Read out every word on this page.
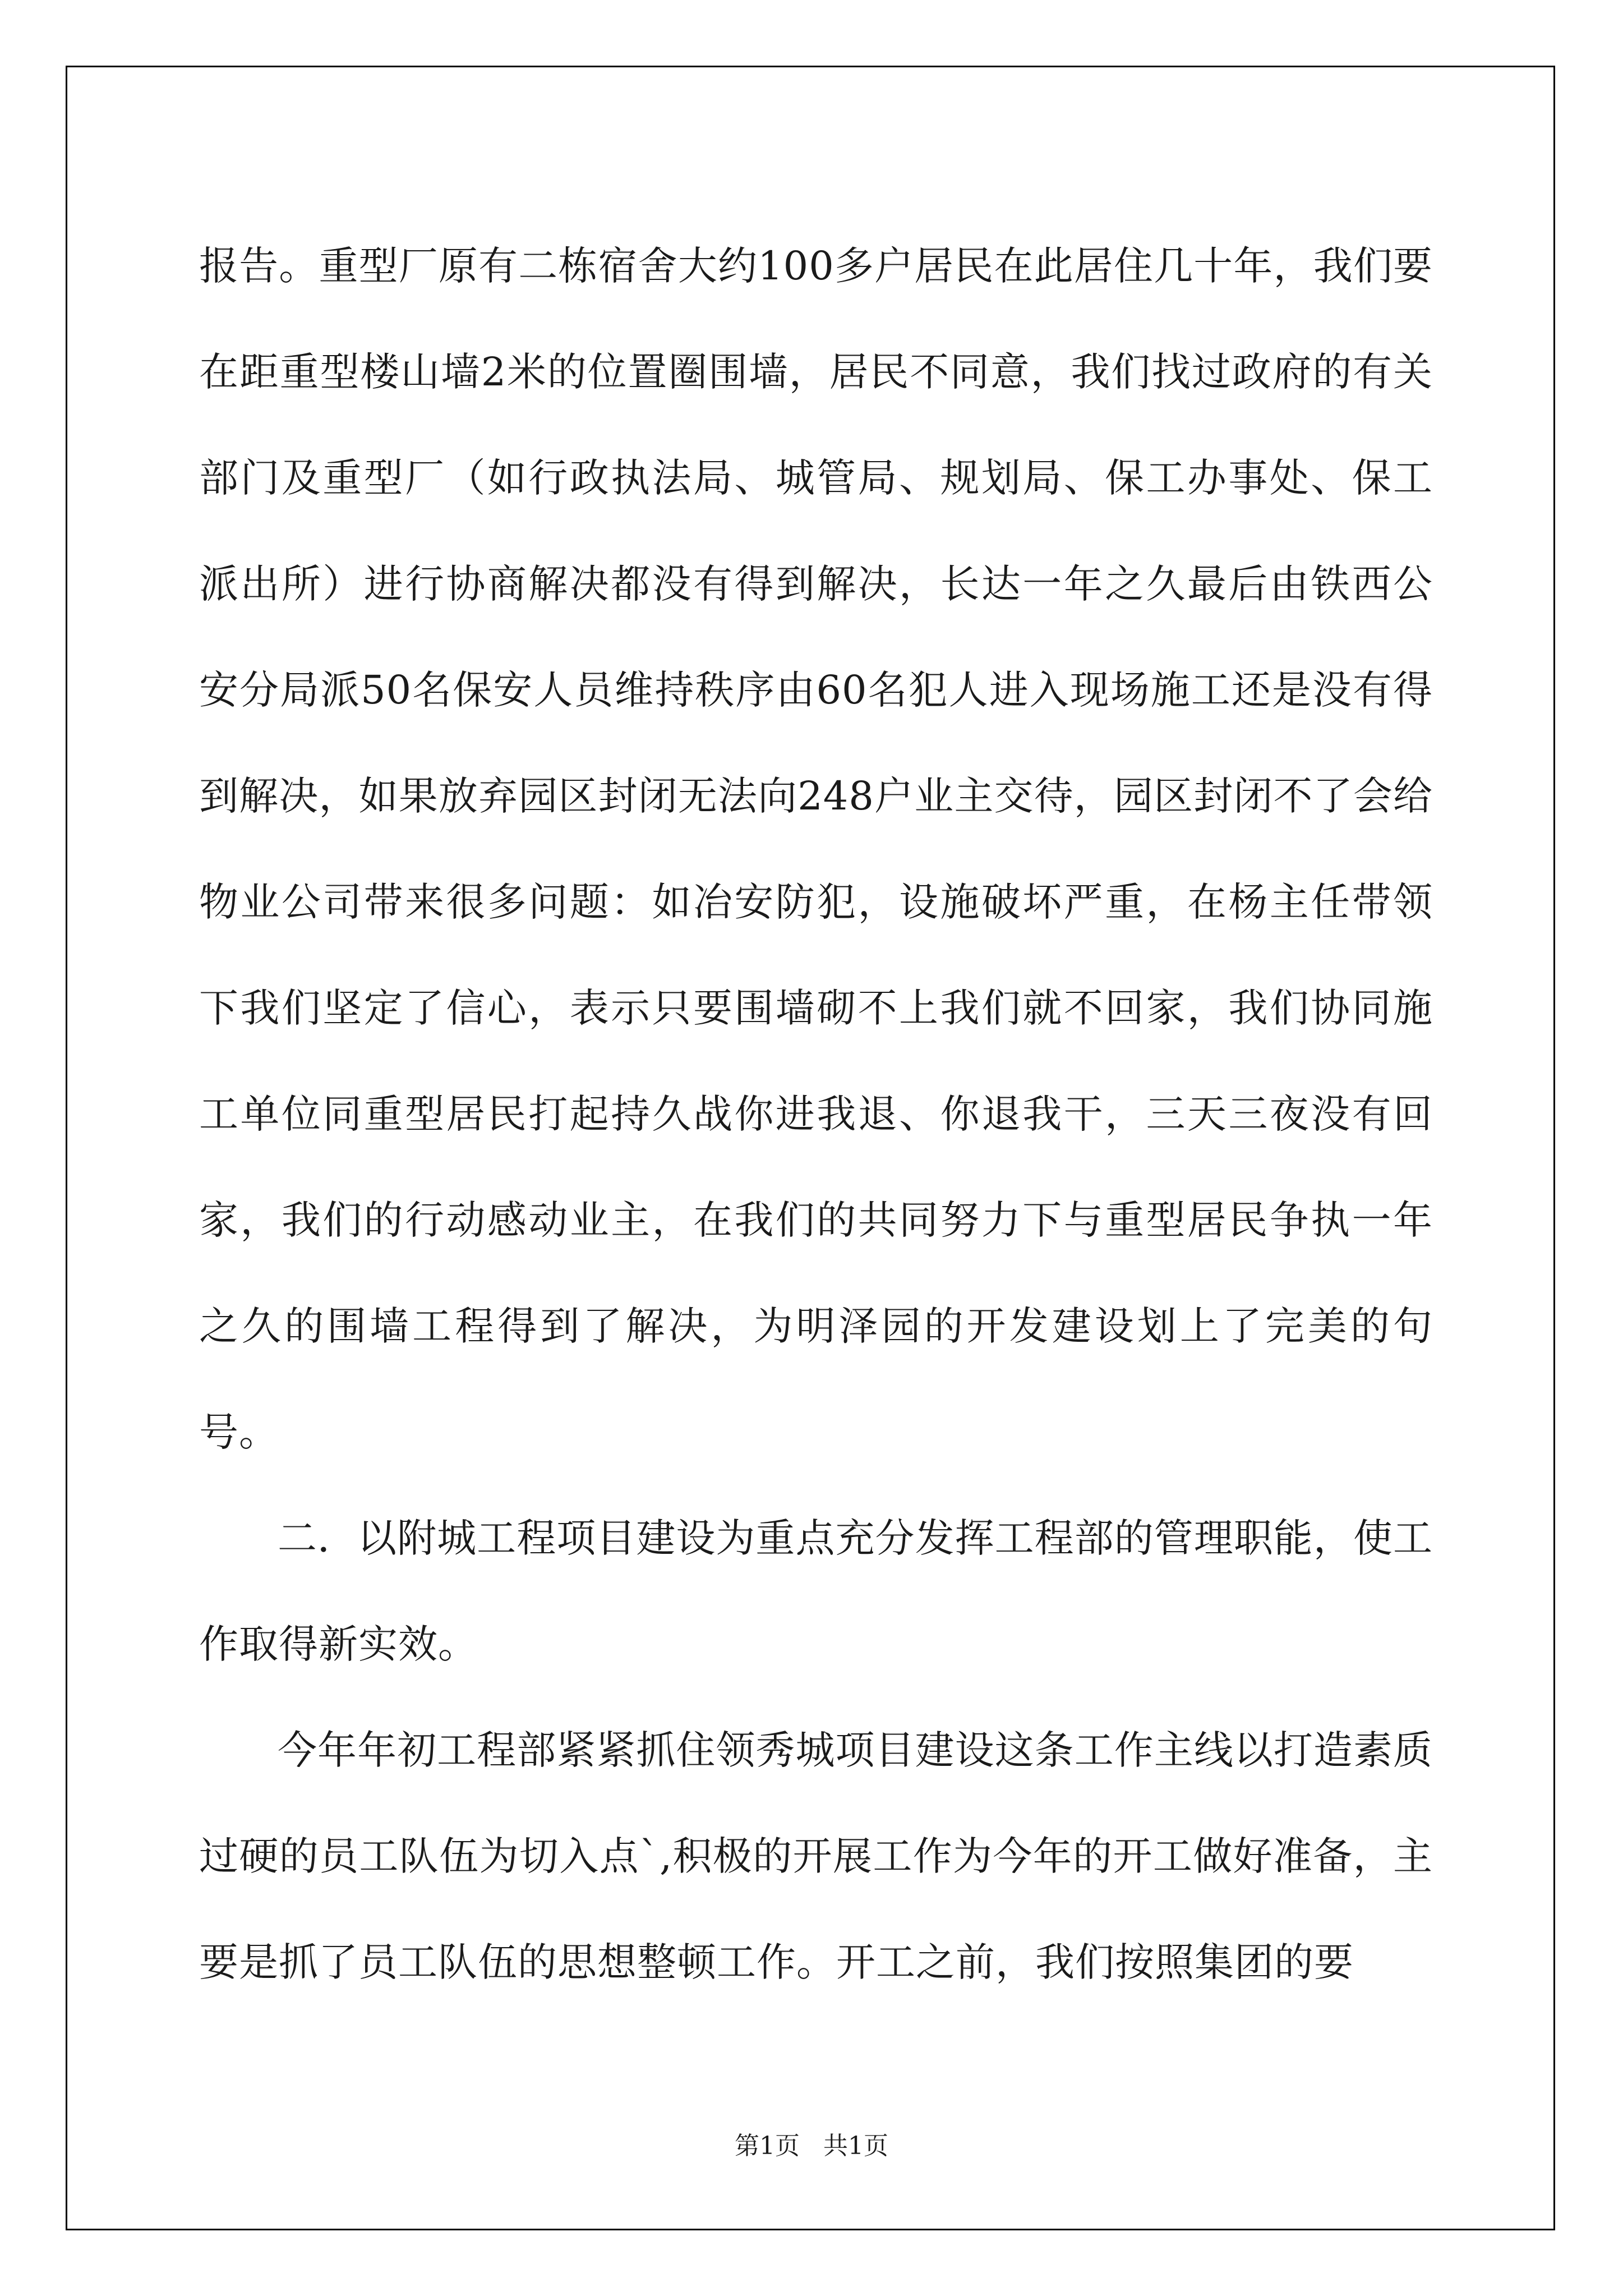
报告。重型厂原有二栋宿舍大约100多户居民在此居住几十年，我们要在距重型楼山墙2米的位置圈围墙，居民不同意，我们找过政府的有关部门及重型厂（如行政执法局、城管局、规划局、保工办事处、保工派出所）进行协商解决都没有得到解决，长达一年之久最后由铁西公安分局派50名保安人员维持秩序由60名犯人进入现场施工还是没有得到解决，如果放弃园区封闭无法向248户业主交待，园区封闭不了会给物业公司带来很多问题：如冶安防犯，设施破坏严重，在杨主任带领下我们坚定了信心，表示只要围墙砌不上我们就不回家，我们协同施工单位同重型居民打起持久战你进我退、你退我干，三天三夜没有回家，我们的行动感动业主，在我们的共同努力下与重型居民争执一年之久的围墙工程得到了解决，为明泽园的开发建设划上了完美的句号。

二．以附城工程项目建设为重点充分发挥工程部的管理职能，使工作取得新实效。

今年年初工程部紧紧抓住领秀城项目建设这条工作主线以打造素质过硬的员工队伍为切入点`,积极的开展工作为今年的开工做好准备，主要是抓了员工队伍的思想整顿工作。开工之前，我们按照集团的要

第1页 共1页
